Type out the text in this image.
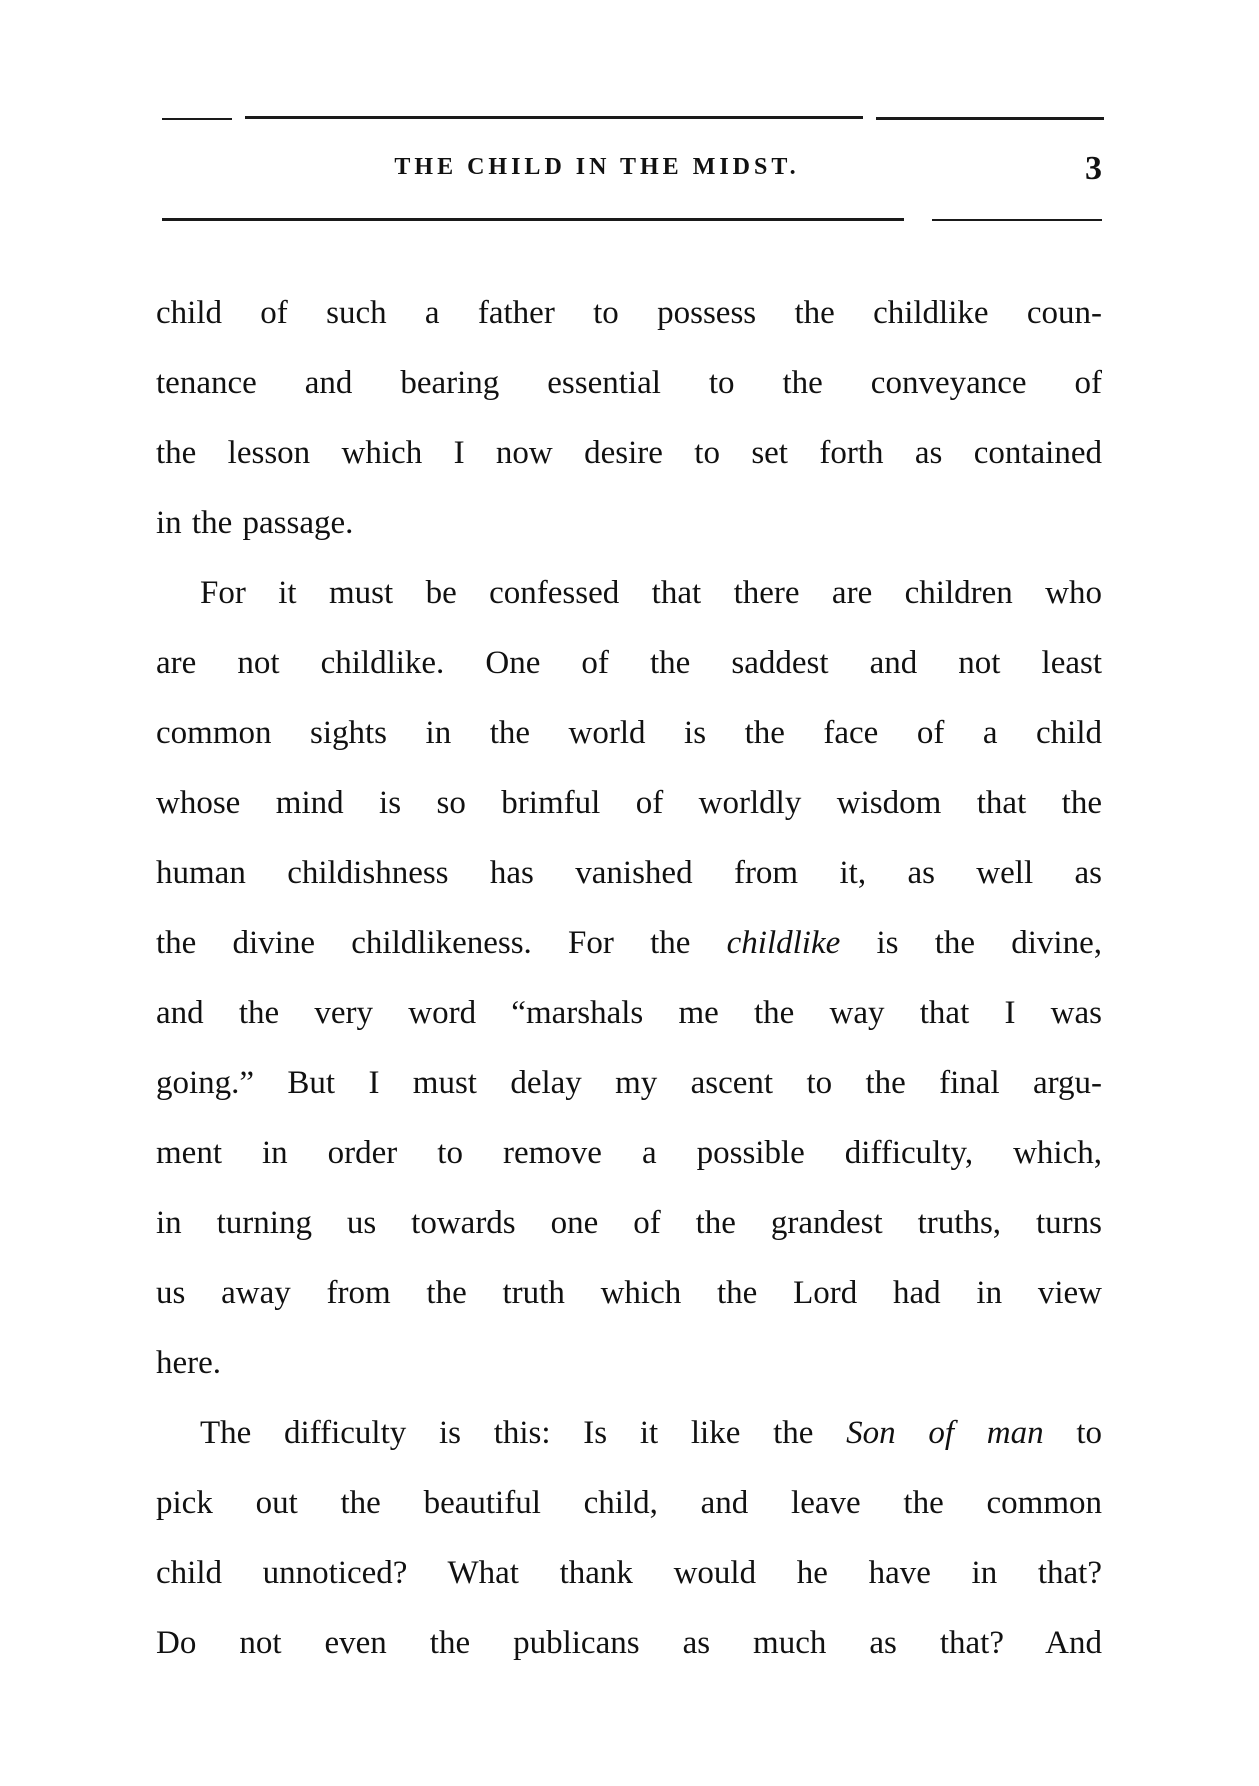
THE CHILD IN THE MIDST.	3
child of such a father to possess the childlike coun-
tenance and bearing essential to the conveyance of
the lesson which I now desire to set forth as contained
in the passage.
For it must be confessed that there are children who
are not childlike. One of the saddest and not least
common sights in the world is the face of a child
whose mind is so brimful of worldly wisdom that the
human childishness has vanished from it, as well as
the divine childlikeness. For the childlike is the divine,
and the very word “marshals me the way that I was
going.” But I must delay my ascent to the final argu-
ment in order to remove a possible difficulty, which,
in turning us towards one of the grandest truths, turns
us away from the truth which the Lord had in view
here.
The difficulty is this: Is it like the Son of man to
pick out the beautiful child, and leave the common
child unnoticed? What thank would he have in that?
Do not even the publicans as much as that? And
